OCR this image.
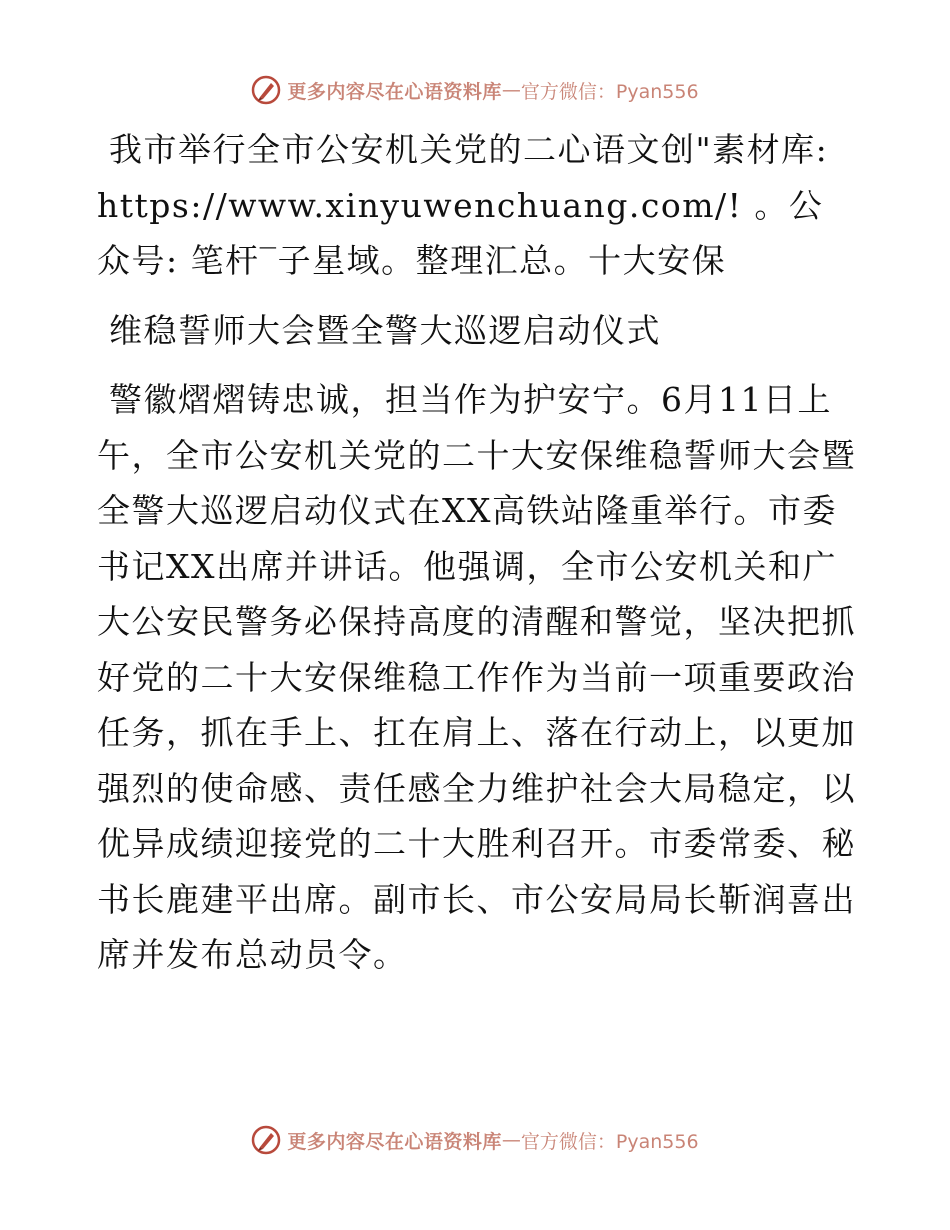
更多内容尽在心语资料库 — 官方微信：Pyan556

我市举行全市公安机关党的二心语文创"素材库: https://www.xinyuwenchuang.com/! 。公众号: 笔杆‾子星域。整理汇总。十大安保

维稳誓师大会暨全警大巡逻启动仪式

警徽熠熠铸忠诚，担当作为护安宁。6月11日上午，全市公安机关党的二十大安保维稳誓师大会暨全警大巡逻启动仪式在XX高铁站隆重举行。市委书记XX出席并讲话。他强调，全市公安机关和广大公安民警务必保持高度的清醒和警觉，坚决把抓好党的二十大安保维稳工作作为当前一项重要政治任务，抓在手上、扛在肩上、落在行动上，以更加强烈的使命感、责任感全力维护社会大局稳定，以优异成绩迎接党的二十大胜利召开。市委常委、秘书长鹿建平出席。副市长、市公安局局长靳润喜出席并发布总动员令。

更多内容尽在心语资料库 — 官方微信：Pyan556
